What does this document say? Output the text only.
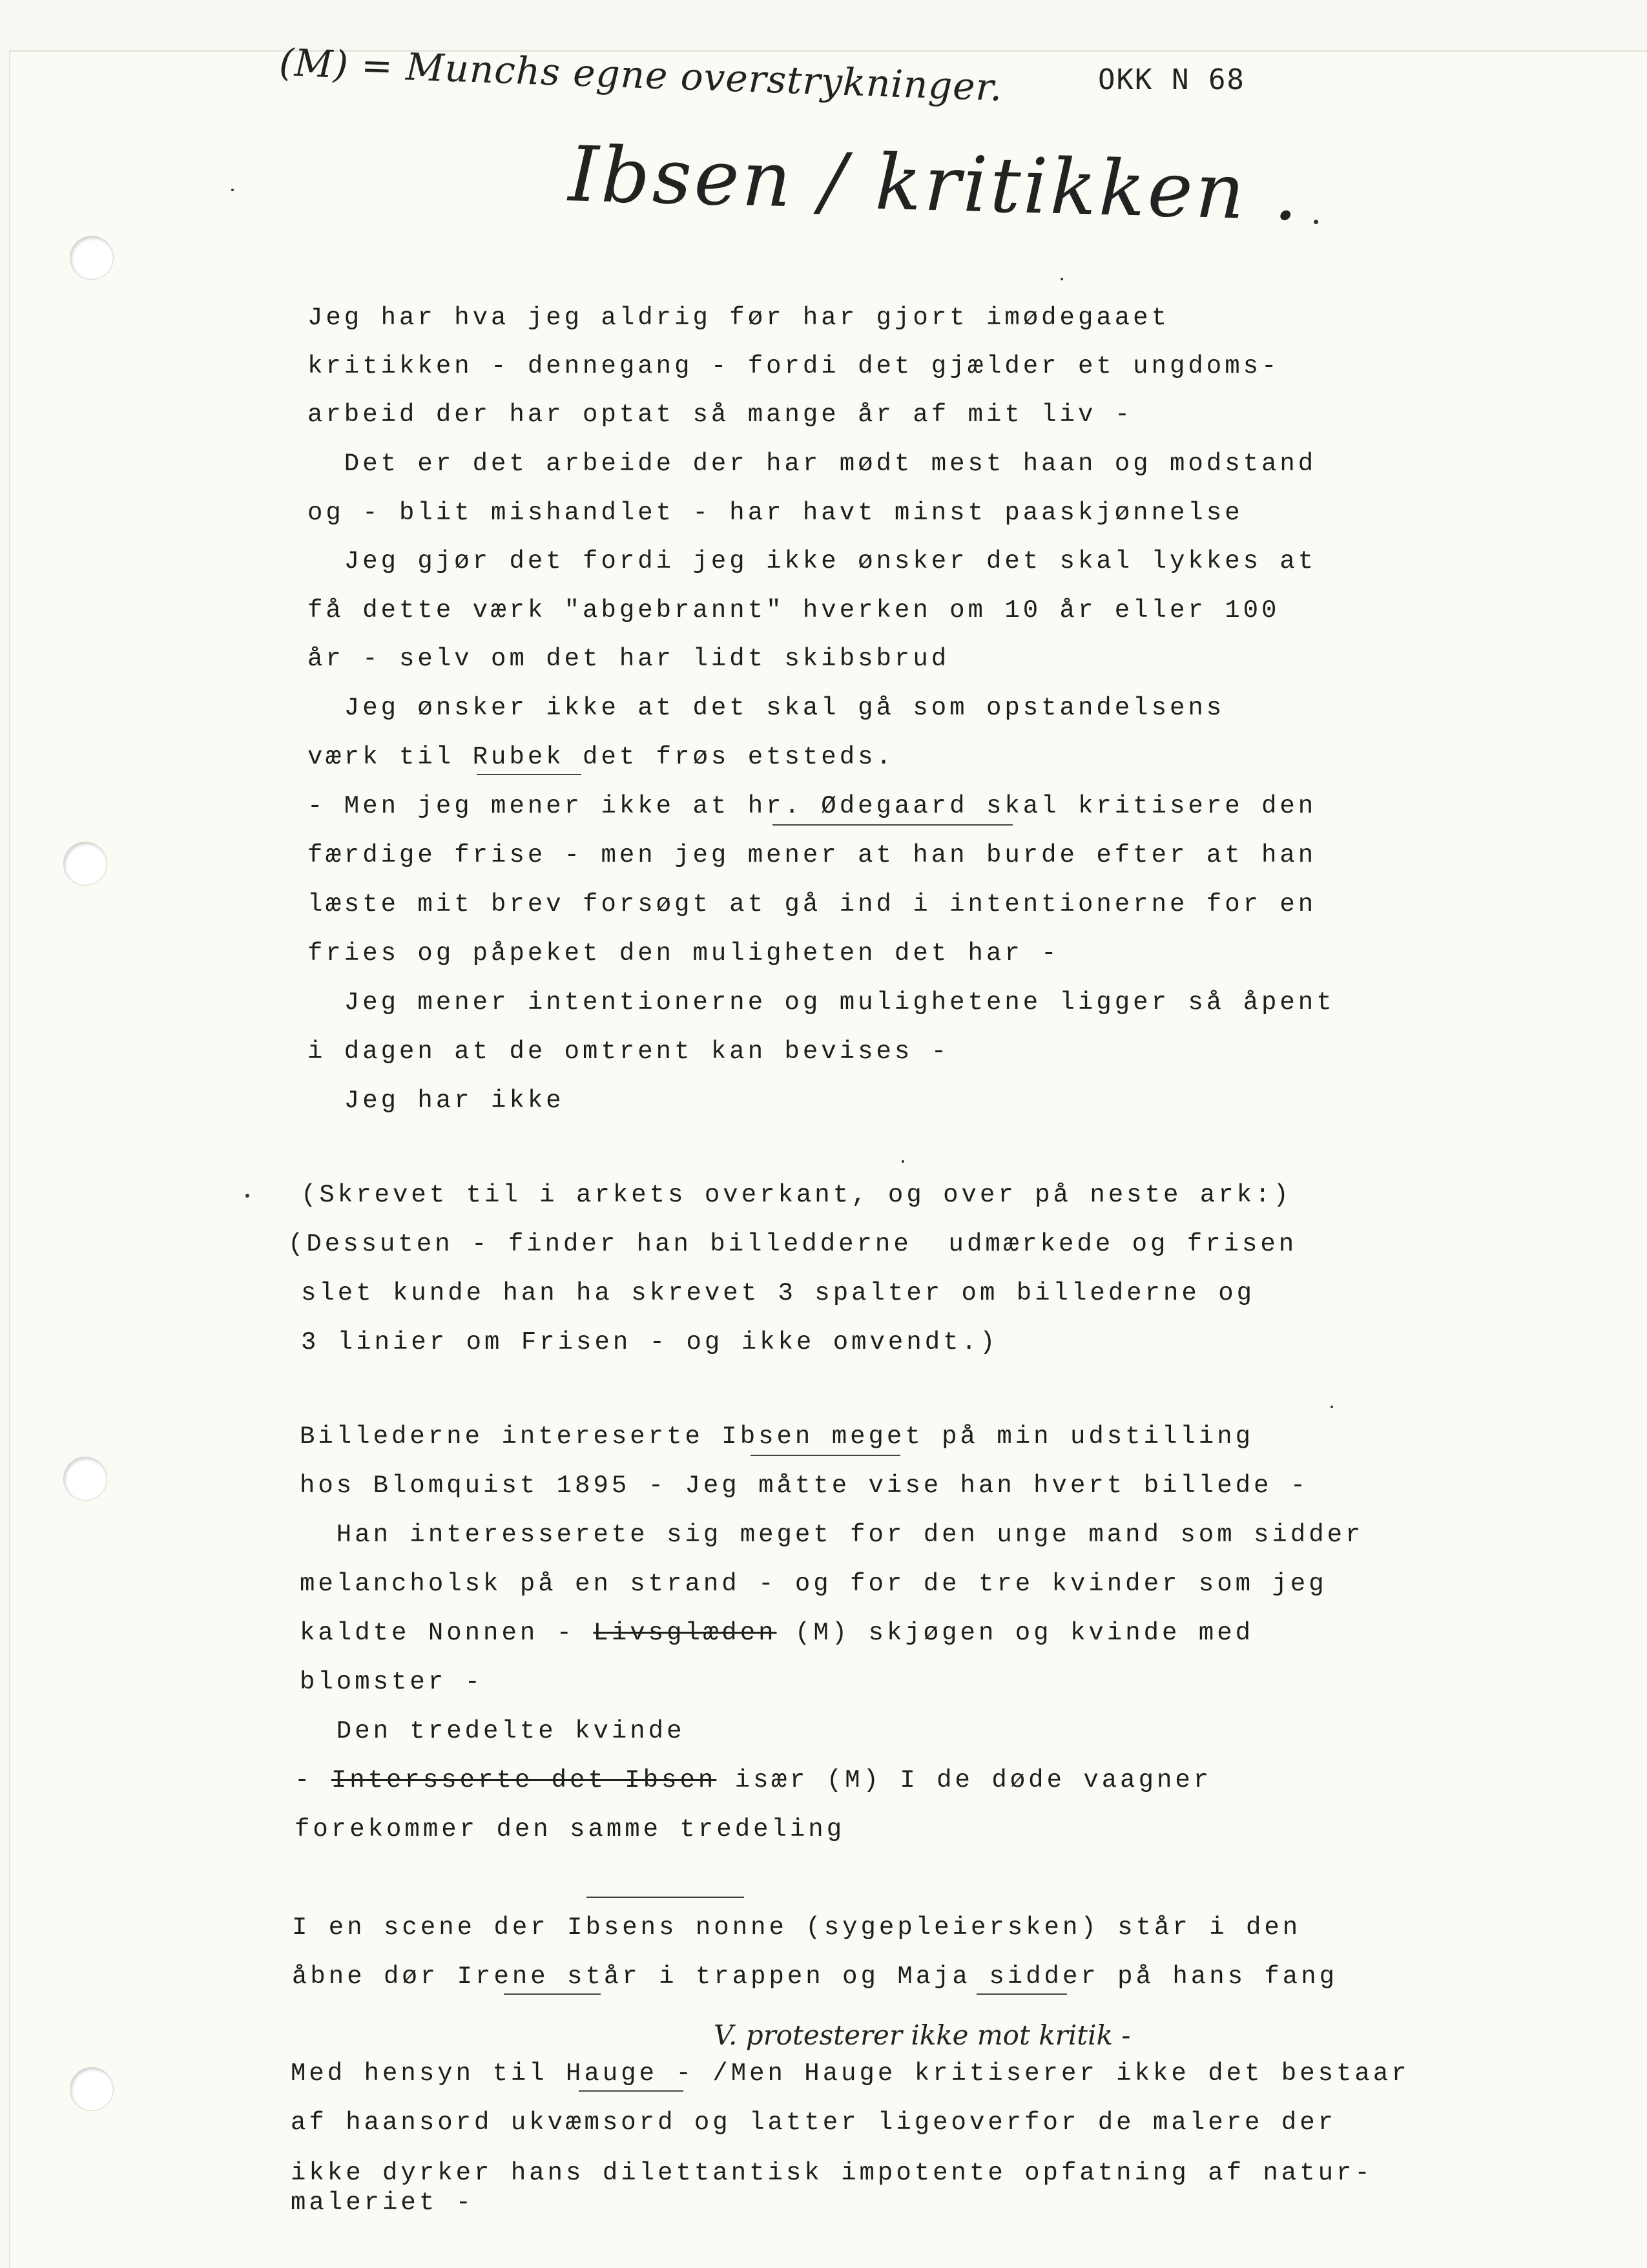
(M) = Munchs egne overstrykninger.	OKK N 68

Ibsen / kritikken .

Jeg har hva jeg aldrig før har gjort imødegaaet

kritikken - dennegang - fordi det gjælder et ungdoms-

arbeid der har optat så mange år af mit liv -

Det er det arbeide der har mødt mest haan og modstand

og - blit mishandlet - har havt minst paaskjønnelse

Jeg gjør det fordi jeg ikke ønsker det skal lykkes at

få dette værk "abgebrannt" hverken om 10 år eller 100

år - selv om det har lidt skibsbrud

Jeg ønsker ikke at det skal gå som opstandelsens

værk til Rubek det frøs etsteds.

- Men jeg mener ikke at hr. Ødegaard skal kritisere den

færdige frise - men jeg mener at han burde efter at han

læste mit brev forsøgt at gå ind i intentionerne for en

fries og påpeket den muligheten det har -

Jeg mener intentionerne og mulighetene ligger så åpent

i dagen at de omtrent kan bevises -

Jeg har ikke

(Skrevet til i arkets overkant, og over på neste ark:)

(Dessuten - finder han billedderne  udmærkede og frisen

slet kunde han ha skrevet 3 spalter om billederne og

3 linier om Frisen - og ikke omvendt.)

Billederne intereserte Ibsen meget på min udstilling

hos Blomquist 1895 - Jeg måtte vise han hvert billede -

Han interesserete sig meget for den unge mand som sidder

melancholsk på en strand - og for de tre kvinder som jeg

kaldte Nonnen - Livsglæden (M) skjøgen og kvinde med

blomster -

Den tredelte kvinde

- Intersserte det Ibsen især (M) I de døde vaagner

forekommer den samme tredeling

I en scene der Ibsens nonne (sygepleiersken) står i den

åbne dør Irene står i trappen og Maja sidder på hans fang

V. protesterer ikke mot kritik -

Med hensyn til Hauge - /Men Hauge kritiserer ikke det bestaar

af haansord ukvæmsord og latter ligeoverfor de malere der

ikke dyrker hans dilettantisk impotente opfatning af natur-

maleriet -
